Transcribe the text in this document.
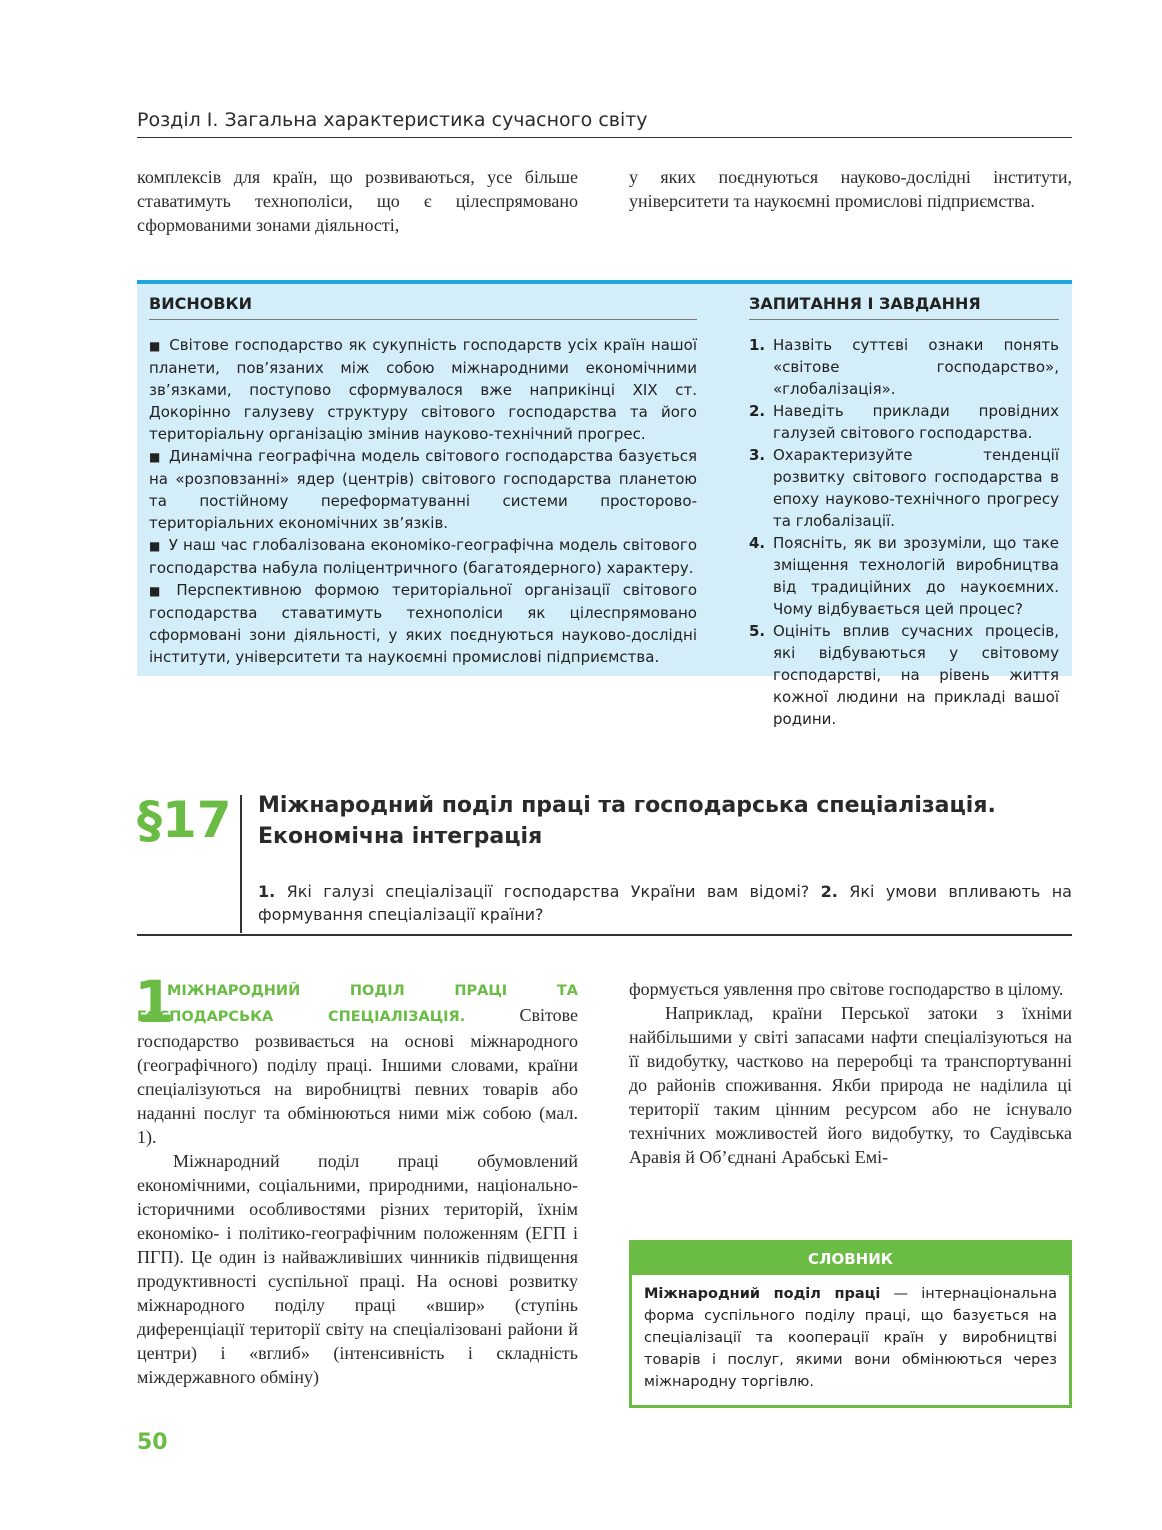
Розділ І. Загальна характеристика сучасного світу

комплексів для країн, що розвиваються, усе більше ставатимуть технополіси, що є цілеспрямовано сформованими зонами діяльності,

у яких поєднуються науково-дослідні інститути, університети та наукоємні промислові підприємства.

ВИСНОВКИ

■ Світове господарство як сукупність господарств усіх країн нашої планети, пов’язаних між собою міжнародними економічними зв’язками, поступово сформувалося вже наприкінці ХІХ ст. Докорінно галузеву структуру світового господарства та його територіальну організацію змінив науково-технічний прогрес.

■ Динамічна географічна модель світового господарства базується на «розповзанні» ядер (центрів) світового господарства планетою та постійному переформатуванні системи просторово-територіальних економічних зв’язків.

■ У наш час глобалізована економіко-географічна модель світового господарства набула поліцентричного (багатоядерного) характеру.

■ Перспективною формою територіальної організації світового господарства ставатимуть технополіси як цілеспрямовано сформовані зони діяльності, у яких поєднуються науково-дослідні інститути, університети та наукоємні промислові підприємства.

ЗАПИТАННЯ І ЗАВДАННЯ
1. Назвіть суттєві ознаки понять «світове господарство», «глобалізація».
2. Наведіть приклади провідних галузей світового господарства.
3. Охарактеризуйте тенденції розвитку світового господарства в епоху науково-технічного прогресу та глобалізації.
4. Поясніть, як ви зрозуміли, що таке зміщення технологій виробництва від традиційних до наукоємних. Чому відбувається цей процес?
5. Оцініть вплив сучасних процесів, які відбуваються у світовому господарстві, на рівень життя кожної людини на прикладі вашої родини.
§17 Міжнародний поділ праці та господарська спеціалізація.
Економічна інтеграція
1. Які галузі спеціалізації господарства України вам відомі? 2. Які умови впливають на формування спеціалізації країни?
1

МІЖНАРОДНИЙ ПОДІЛ ПРАЦІ ТА ГОСПОДАРСЬКА СПЕЦІАЛІЗАЦІЯ.	Світове господарство розвивається на основі міжнародного (географічного) поділу праці. Іншими словами, країни спеціалізуються на виробництві певних товарів або наданні послуг та обмінюються ними між собою (мал. 1).

Міжнародний поділ праці обумовлений економічними, соціальними, природними, національно-історичними особливостями різних територій, їхнім економіко- і політико-географічним положенням (ЕГП і ПГП). Це один із найважливіших чинників підвищення продуктивності суспільної праці. На основі розвитку міжнародного поділу праці «вшир» (ступінь диференціації території світу на спеціалізовані райони й центри) і «вглиб» (інтенсивність і складність міждержавного обміну)

формується уявлення про світове господарство в цілому.

Наприклад, країни Перської затоки з їхніми найбільшими у світі запасами нафти спеціалізуються на її видобутку, частково на переробці та транспортуванні до районів споживання. Якби природа не наділила ці території таким цінним ресурсом або не існувало технічних можливостей його видобутку, то Саудівська Аравія й Об’єднані Арабські Емі-

СЛОВНИК
Міжнародний поділ праці — інтернаціональна форма суспільного поділу праці, що базується на спеціалізації та кооперації країн у виробництві товарів і послуг, якими вони обмінюються через міжнародну торгівлю.
50
